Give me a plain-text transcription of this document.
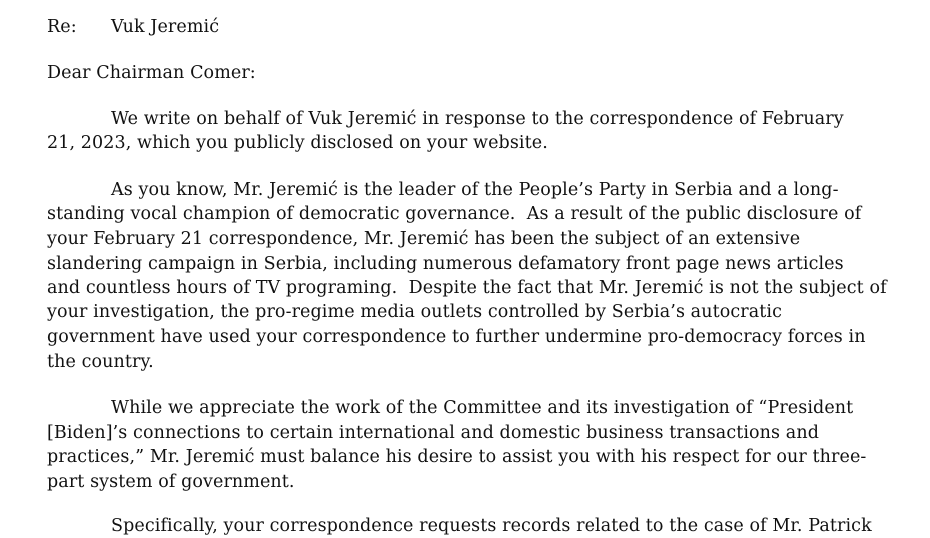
Re: Vuk Jeremić
Dear Chairman Comer:
We write on behalf of Vuk Jeremić in response to the correspondence of February
21, 2023, which you publicly disclosed on your website.
As you know, Mr. Jeremić is the leader of the People’s Party in Serbia and a long-
standing vocal champion of democratic governance.  As a result of the public disclosure of
your February 21 correspondence, Mr. Jeremić has been the subject of an extensive
slandering campaign in Serbia, including numerous defamatory front page news articles
and countless hours of TV programing.  Despite the fact that Mr. Jeremić is not the subject of
your investigation, the pro-regime media outlets controlled by Serbia’s autocratic
government have used your correspondence to further undermine pro-democracy forces in
the country.
While we appreciate the work of the Committee and its investigation of “President
[Biden]’s connections to certain international and domestic business transactions and
practices,” Mr. Jeremić must balance his desire to assist you with his respect for our three-
part system of government.
Specifically, your correspondence requests records related to the case of Mr. Patrick
